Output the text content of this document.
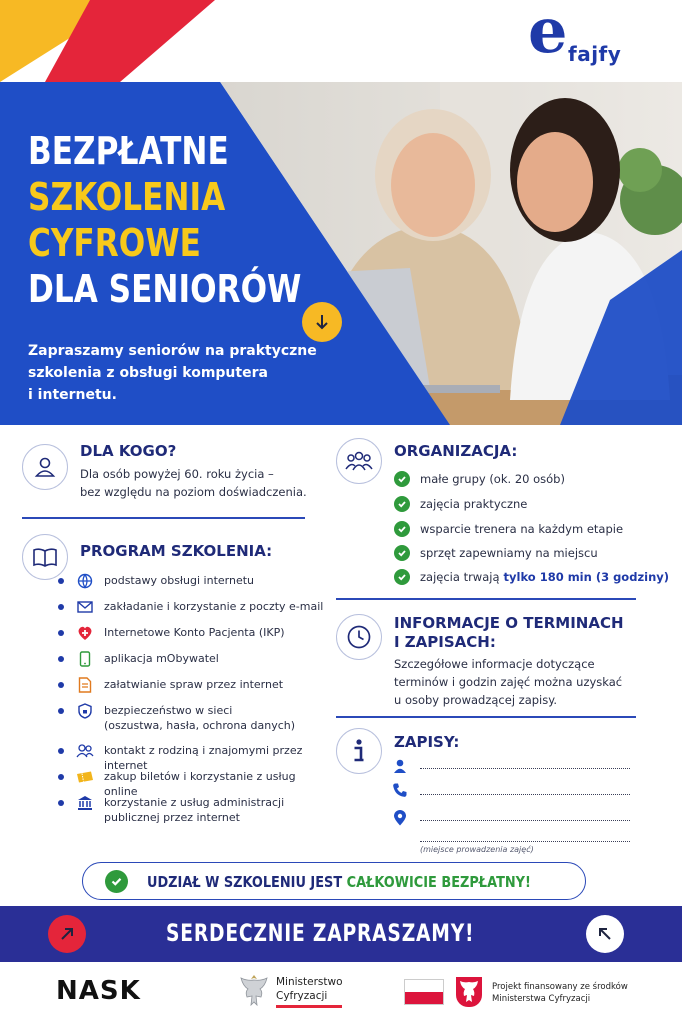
e fajfy
BEZPŁATNE
SZKOLENIA
CYFROWE
DLA SENIORÓW
Zapraszamy seniorów na praktyczne
szkolenia z obsługi komputera
i internetu.
DLA KOGO?
Dla osób powyżej 60. roku życia –
bez względu na poziom doświadczenia.
PROGRAM SZKOLENIA:
podstawy obsługi internetu
zakładanie i korzystanie z poczty e-mail
Internetowe Konto Pacjenta (IKP)
aplikacja mObywatel
załatwianie spraw przez internet
bezpieczeństwo w sieci
(oszustwa, hasła, ochrona danych)
kontakt z rodziną i znajomymi przez internet
zakup biletów i korzystanie z usług online
korzystanie z usług administracji
publicznej przez internet
ORGANIZACJA:
małe grupy (ok. 20 osób)
zajęcia praktyczne
wsparcie trenera na każdym etapie
sprzęt zapewniamy na miejscu
zajęcia trwają tylko 180 min (3 godziny)
INFORMACJE O TERMINACH
I ZAPISACH:
Szczegółowe informacje dotyczące
terminów i godzin zajęć można uzyskać
u osoby prowadzącej zapisy.
ZAPISY:
(miejsce prowadzenia zajęć)
UDZIAŁ W SZKOLENIU JEST CAŁKOWICIE BEZPŁATNY!
SERDECZNIE ZAPRASZAMY!
NASK	Ministerstwo
Cyfryzacji
Projekt finansowany ze środków
Ministerstwa Cyfryzacji
